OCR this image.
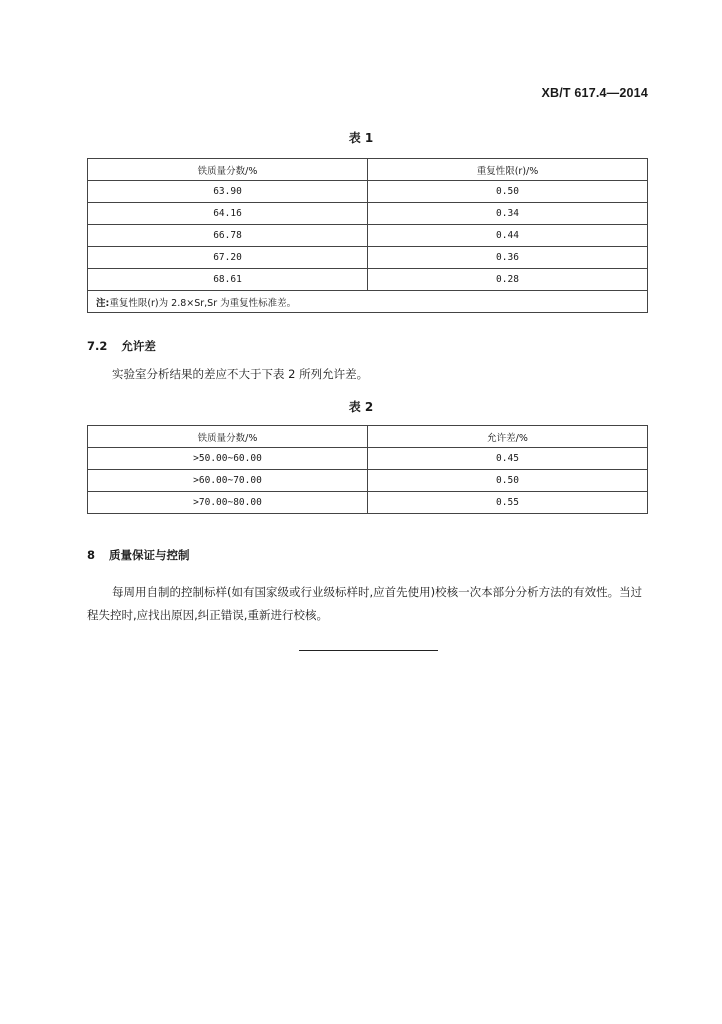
XB/T 617.4—2014
表 1
铁质量分数/%	重复性限(r)/%
63.90	0.50
64.16	0.34
66.78	0.44
67.20	0.36
68.61	0.28
注:重复性限(r)为 2.8×Sr,Sr 为重复性标准差。	
7.2 允许差
实验室分析结果的差应不大于下表 2 所列允许差。
表 2
铁质量分数/%	允许差/%
>50.00~60.00	0.45
>60.00~70.00	0.50
>70.00~80.00	0.55
8 质量保证与控制
每周用自制的控制标样(如有国家级或行业级标样时,应首先使用)校核一次本部分分析方法的有效性。当过程失控时,应找出原因,纠正错误,重新进行校核。
